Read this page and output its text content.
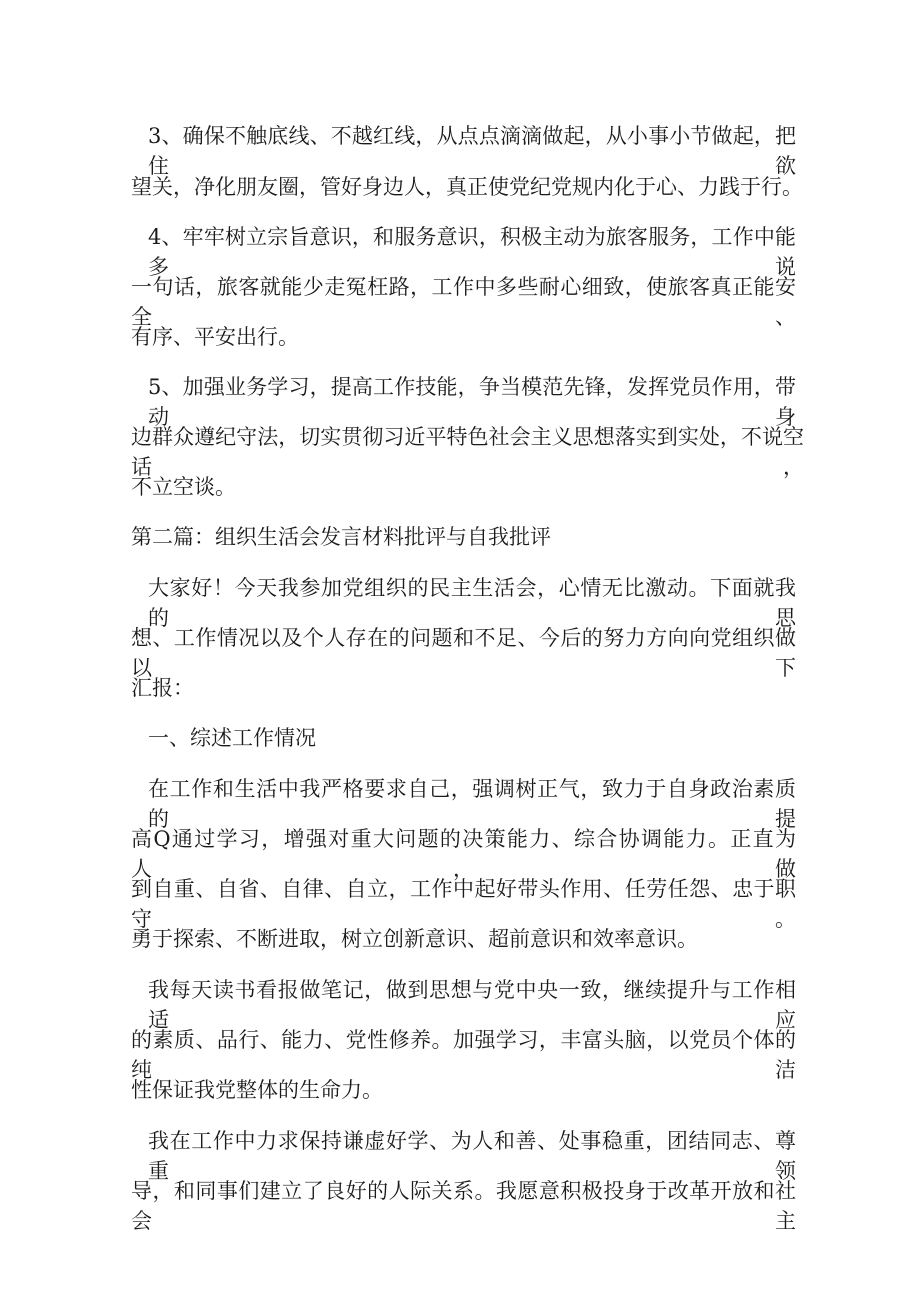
3、确保不触底线、不越红线，从点点滴滴做起，从小事小节做起，把住欲
望关，净化朋友圈，管好身边人，真正使党纪党规内化于心、力践于行。
4、牢牢树立宗旨意识，和服务意识，积极主动为旅客服务，工作中能多说
一句话，旅客就能少走冤枉路，工作中多些耐心细致，使旅客真正能安全、
有序、平安出行。
5、加强业务学习，提高工作技能，争当模范先锋，发挥党员作用，带动身
边群众遵纪守法，切实贯彻习近平特色社会主义思想落实到实处，不说空话，
不立空谈。
第二篇：组织生活会发言材料批评与自我批评
大家好！今天我参加党组织的民主生活会，心情无比激动。下面就我的思
想、工作情况以及个人存在的问题和不足、今后的努力方向向党组织做以下
汇报：
一、综述工作情况
在工作和生活中我严格要求自己，强调树正气，致力于自身政治素质的提
高Q通过学习，增强对重大问题的决策能力、综合协调能力。正直为人，做
到自重、自省、自律、自立，工作中起好带头作用、任劳任怨、忠于职守。
勇于探索、不断进取，树立创新意识、超前意识和效率意识。
我每天读书看报做笔记，做到思想与党中央一致，继续提升与工作相适应
的素质、品行、能力、党性修养。加强学习，丰富头脑，以党员个体的纯洁
性保证我党整体的生命力。
我在工作中力求保持谦虚好学、为人和善、处事稳重，团结同志、尊重领
导，和同事们建立了良好的人际关系。我愿意积极投身于改革开放和社会主
